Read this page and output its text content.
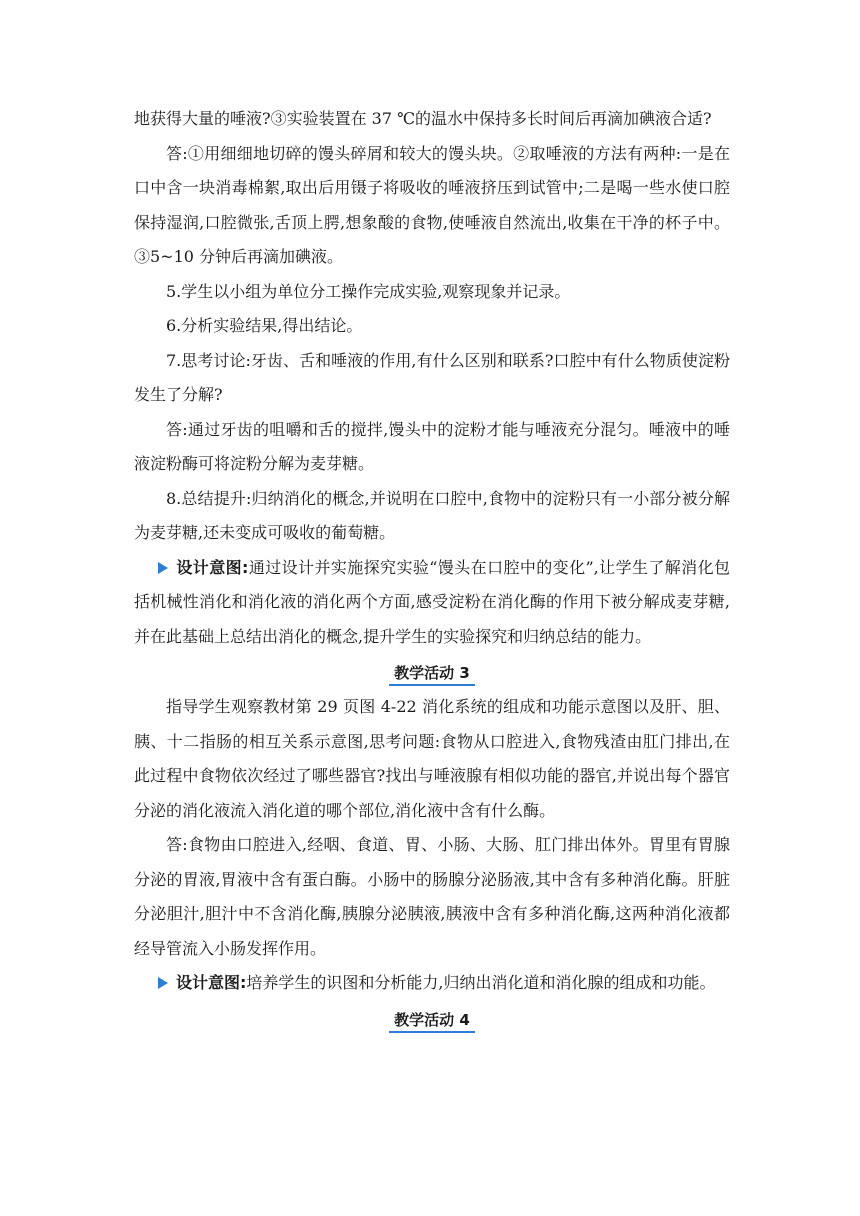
地获得大量的唾液?③实验装置在 37 ℃的温水中保持多长时间后再滴加碘液合适?

答:①用细细地切碎的馒头碎屑和较大的馒头块。②取唾液的方法有两种:一是在口中含一块消毒棉絮,取出后用镊子将吸收的唾液挤压到试管中;二是喝一些水使口腔保持湿润,口腔微张,舌顶上腭,想象酸的食物,使唾液自然流出,收集在干净的杯子中。③5~10 分钟后再滴加碘液。

5.学生以小组为单位分工操作完成实验,观察现象并记录。

6.分析实验结果,得出结论。

7.思考讨论:牙齿、舌和唾液的作用,有什么区别和联系?口腔中有什么物质使淀粉发生了分解?

答:通过牙齿的咀嚼和舌的搅拌,馒头中的淀粉才能与唾液充分混匀。唾液中的唾液淀粉酶可将淀粉分解为麦芽糖。

8.总结提升:归纳消化的概念,并说明在口腔中,食物中的淀粉只有一小部分被分解为麦芽糖,还未变成可吸收的葡萄糖。

设计意图:通过设计并实施探究实验“馒头在口腔中的变化”,让学生了解消化包括机械性消化和消化液的消化两个方面,感受淀粉在消化酶的作用下被分解成麦芽糖,并在此基础上总结出消化的概念,提升学生的实验探究和归纳总结的能力。

教学活动 3

指导学生观察教材第 29 页图 4-22 消化系统的组成和功能示意图以及肝、胆、胰、十二指肠的相互关系示意图,思考问题:食物从口腔进入,食物残渣由肛门排出,在此过程中食物依次经过了哪些器官?找出与唾液腺有相似功能的器官,并说出每个器官分泌的消化液流入消化道的哪个部位,消化液中含有什么酶。

答:食物由口腔进入,经咽、食道、胃、小肠、大肠、肛门排出体外。胃里有胃腺分泌的胃液,胃液中含有蛋白酶。小肠中的肠腺分泌肠液,其中含有多种消化酶。肝脏分泌胆汁,胆汁中不含消化酶,胰腺分泌胰液,胰液中含有多种消化酶,这两种消化液都经导管流入小肠发挥作用。

设计意图:培养学生的识图和分析能力,归纳出消化道和消化腺的组成和功能。

教学活动 4
